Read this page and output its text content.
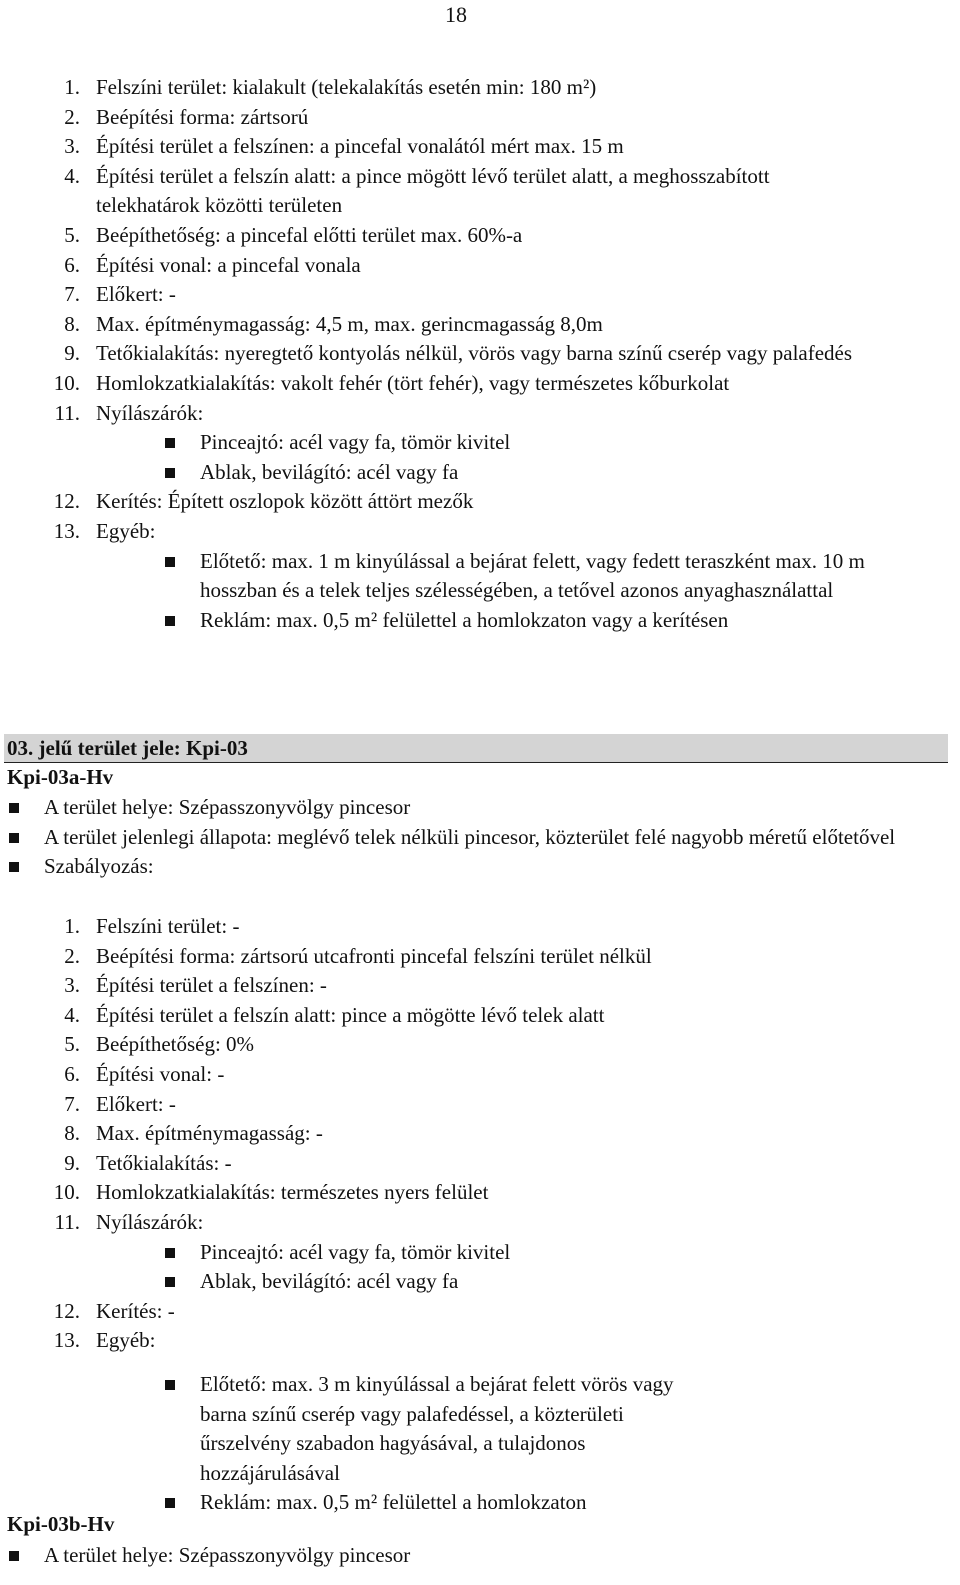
18
1. Felszíni terület: kialakult (telekalakítás esetén min: 180 m²)
2. Beépítési forma: zártsorú
3. Építési terület a felszínen: a pincefal vonalától mért max. 15 m
4. Építési terület a felszín alatt: a pince mögött lévő terület alatt, a meghosszabított telekhatárok közötti területen
5. Beépíthetőség: a pincefal előtti terület max. 60%-a
6. Építési vonal: a pincefal vonala
7. Előkert: -
8. Max. építménymagasság: 4,5 m, max. gerincmagasság 8,0m
9. Tetőkialakítás: nyeregtető kontyolás nélkül, vörös vagy barna színű cserép vagy palafedés
10. Homlokzatkialakítás: vakolt fehér (tört fehér), vagy természetes kőburkolat
11. Nyílászárók:
Pinceajtó: acél vagy fa, tömör kivitel
Ablak, bevilágító: acél vagy fa
12. Kerítés: Épített oszlopok között áttört mezők
13. Egyéb:
Előtető: max. 1 m kinyúlással a bejárat felett, vagy fedett teraszként max. 10 m hosszban és a telek teljes szélességében, a tetővel azonos anyaghasználattal
Reklám: max. 0,5 m² felülettel a homlokzaton vagy a kerítésen
03. jelű terület jele: Kpi-03
Kpi-03a-Hv
A terület helye: Szépasszonyvölgy pincesor
A terület jelenlegi állapota: meglévő telek nélküli pincesor, közterület felé nagyobb méretű előtetővel
Szabályozás:
1. Felszíni terület: -
2. Beépítési forma: zártsorú utcafronti pincefal felszíni terület nélkül
3. Építési terület a felszínen: -
4. Építési terület a felszín alatt: pince a mögötte lévő telek alatt
5. Beépíthetőség: 0%
6. Építési vonal: -
7. Előkert: -
8. Max. építménymagasság: -
9. Tetőkialakítás: -
10. Homlokzatkialakítás: természetes nyers felület
11. Nyílászárók:
Pinceajtó: acél vagy fa, tömör kivitel
Ablak, bevilágító: acél vagy fa
12. Kerítés: -
13. Egyéb:
Előtető: max. 3 m kinyúlással a bejárat felett vörös vagy barna színű cserép vagy palafedéssel, a közterületi űrszelvény szabadon hagyásával, a tulajdonos hozzájárulásával
Reklám: max. 0,5 m² felülettel a homlokzaton
Kpi-03b-Hv
A terület helye: Szépasszonyvölgy pincesor
